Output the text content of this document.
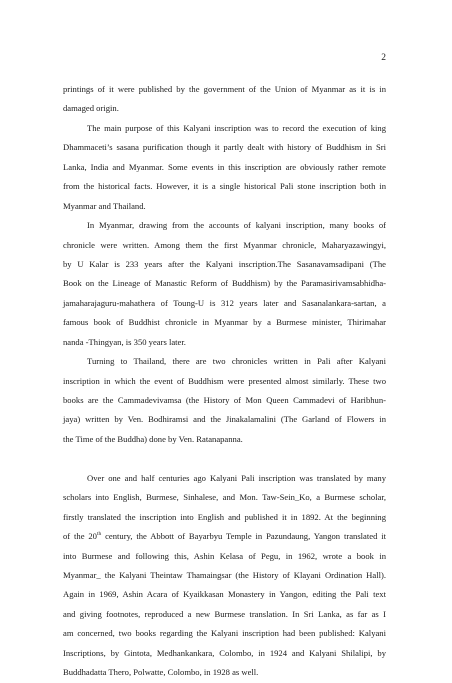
2
printings of it were published by the government of the Union of Myanmar as it is in
damaged origin.
The main purpose of this Kalyani inscription was to record the execution of king
Dhammaceti’s sasana purification though it partly dealt with history of Buddhism in Sri
Lanka, India and Myanmar. Some events in this inscription are obviously rather remote
from the historical facts. However, it is a single historical Pali stone inscription both in
Myanmar and Thailand.
In Myanmar, drawing from the accounts of kalyani inscription, many books of
chronicle were written. Among them the first Myanmar chronicle, Maharyazawingyi,
by U Kalar is 233 years after the Kalyani inscription.The Sasanavamsadipani (The
Book on the Lineage of Manastic Reform of Buddhism) by the Paramasirivamsabhidha-
jamaharajaguru-mahathera of Toung-U is 312 years later and Sasanalankara-sartan, a
famous book of Buddhist chronicle in Myanmar by a Burmese minister, Thirimahar
nanda -Thingyan, is 350 years later.
Turning to Thailand, there are two chronicles written in Pali after Kalyani
inscription in which the event of Buddhism were presented almost similarly. These two
books are the Cammadevivamsa (the History of Mon Queen Cammadevi of Haribhun-
jaya) written by Ven. Bodhiramsi and the Jinakalamalini (The Garland of Flowers in
the Time of the Buddha) done by Ven. Ratanapanna.
Over one and half centuries ago Kalyani Pali inscription was translated by many
scholars into English, Burmese, Sinhalese, and Mon. Taw-Sein_Ko, a Burmese scholar,
firstly translated the inscription into English and published it in 1892. At the beginning
of the 20th century, the Abbott of Bayarbyu Temple in Pazundaung, Yangon translated it
into Burmese and following this, Ashin Kelasa of Pegu, in 1962, wrote a book in
Myanmar_ the Kalyani Theintaw Thamaingsar (the History of Klayani Ordination Hall).
Again in 1969, Ashin Acara of Kyaikkasan Monastery in Yangon, editing the Pali text
and giving footnotes, reproduced a new Burmese translation. In Sri Lanka, as far as I
am concerned, two books regarding the Kalyani inscription had been published: Kalyani
Inscriptions, by Gintota, Medhankankara, Colombo, in 1924 and Kalyani Shilalipi, by
Buddhadatta Thero, Polwatte, Colombo, in 1928 as well.
